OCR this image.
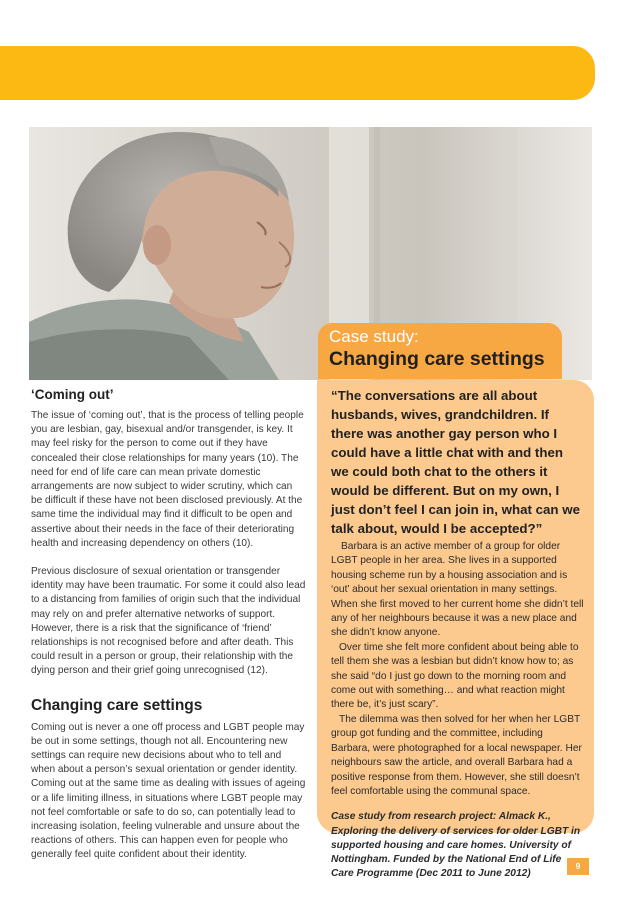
Case study:
Changing care settings
“The conversations are all about husbands, wives, grandchildren. If there was another gay person who I could have a little chat with and then we could both chat to the others it would be different. But on my own, I just don’t feel I can join in, what can we talk about, would I be accepted?”

Barbara is an active member of a group for older LGBT people in her area. She lives in a supported housing scheme run by a housing association and is ‘out’ about her sexual orientation in many settings. When she first moved to her current home she didn’t tell any of her neighbours because it was a new place and she didn’t know anyone.

Over time she felt more confident about being able to tell them she was a lesbian but didn’t know how to; as she said “do I just go down to the morning room and come out with something… and what reaction might there be, it’s just scary”.

The dilemma was then solved for her when her LGBT group got funding and the committee, including Barbara, were photographed for a local newspaper. Her neighbours saw the article, and overall Barbara had a positive response from them. However, she still doesn’t feel comfortable using the communal space.

Case study from research project: Almack K., Exploring the delivery of services for older LGBT in supported housing and care homes. University of Nottingham. Funded by the National End of Life Care Programme (Dec 2011 to June 2012)
‘Coming out’

The issue of ‘coming out’, that is the process of telling people you are lesbian, gay, bisexual and/or transgender, is key. It may feel risky for the person to come out if they have concealed their close relationships for many years (10). The need for end of life care can mean private domestic arrangements are now subject to wider scrutiny, which can be difficult if these have not been disclosed previously. At the same time the individual may find it difficult to be open and assertive about their needs in the face of their deteriorating health and increasing dependency on others (10).

Previous disclosure of sexual orientation or transgender identity may have been traumatic. For some it could also lead to a distancing from families of origin such that the individual may rely on and prefer alternative networks of support. However, there is a risk that the significance of ‘friend’ relationships is not recognised before and after death. This could result in a person or group, their relationship with the dying person and their grief going unrecognised (12).

Changing care settings

Coming out is never a one off process and LGBT people may be out in some settings, though not all. Encountering new settings can require new decisions about who to tell and when about a person’s sexual orientation or gender identity. Coming out at the same time as dealing with issues of ageing or a life limiting illness, in situations where LGBT people may not feel comfortable or safe to do so, can potentially lead to increasing isolation, feeling vulnerable and unsure about the reactions of others. This can happen even for people who generally feel quite confident about their identity.

9
